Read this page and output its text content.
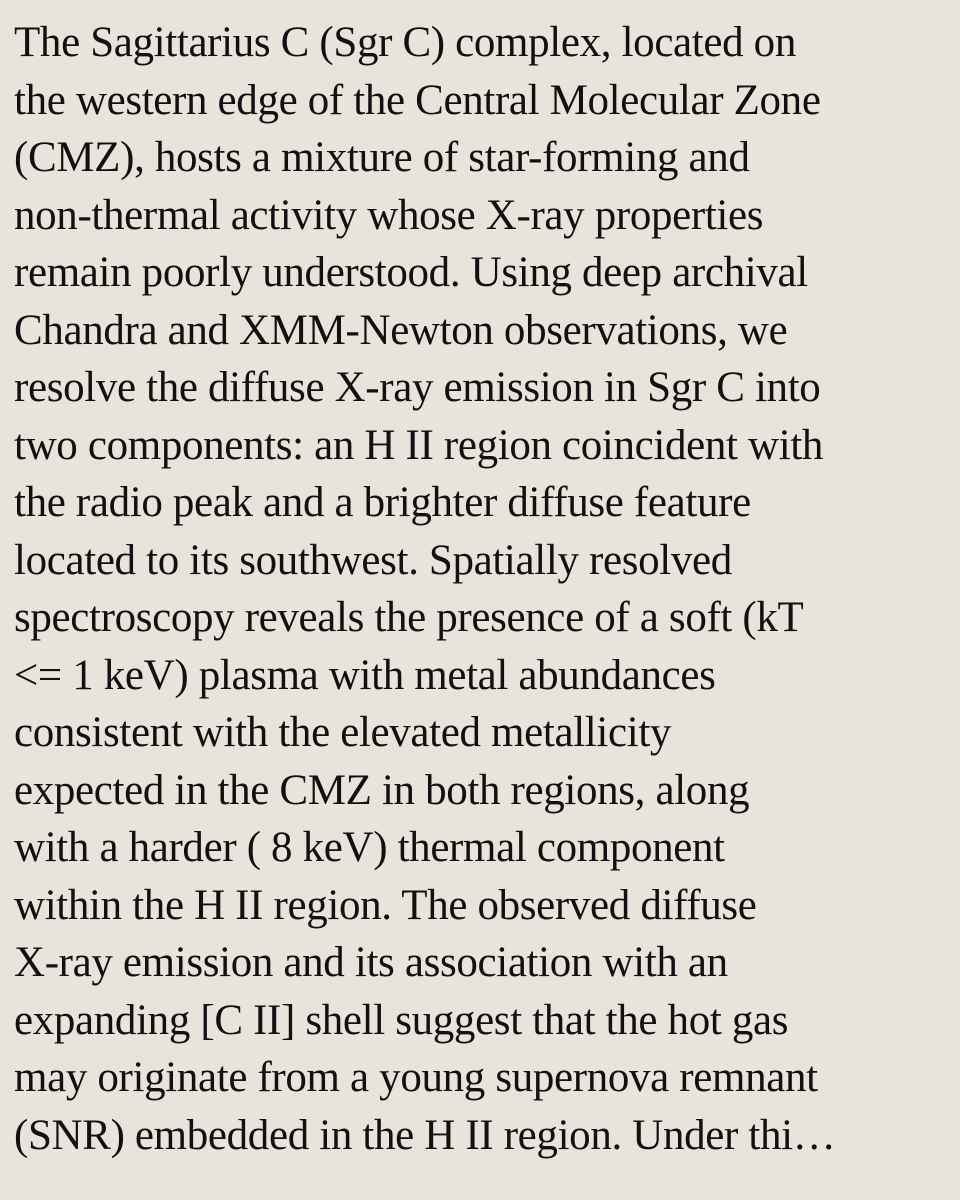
The Sagittarius C (Sgr C) complex, located on
the western edge of the Central Molecular Zone
(CMZ), hosts a mixture of star-forming and
non-thermal activity whose X-ray properties
remain poorly understood. Using deep archival
Chandra and XMM-Newton observations, we
resolve the diffuse X-ray emission in Sgr C into
two components: an H II region coincident with
the radio peak and a brighter diffuse feature
located to its southwest. Spatially resolved
spectroscopy reveals the presence of a soft (kT
<= 1 keV) plasma with metal abundances
consistent with the elevated metallicity
expected in the CMZ in both regions, along
with a harder ( 8 keV) thermal component
within the H II region. The observed diffuse
X-ray emission and its association with an
expanding [C II] shell suggest that the hot gas
may originate from a young supernova remnant
(SNR) embedded in the H II region. Under thi…
